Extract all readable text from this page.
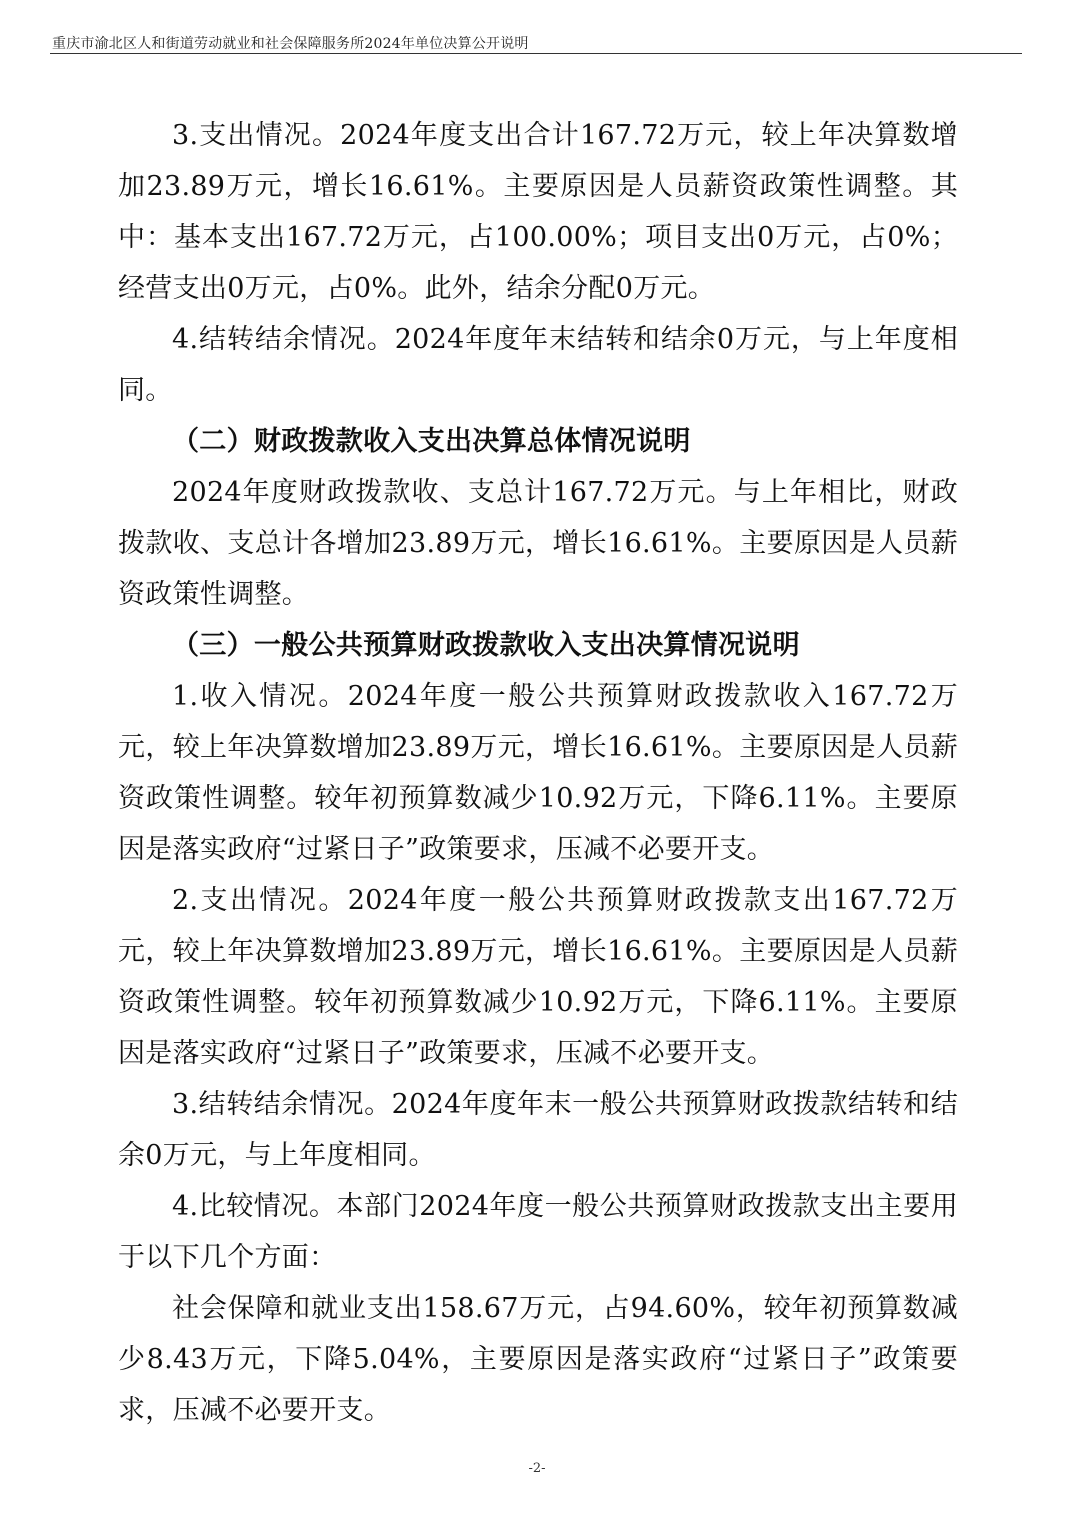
重庆市渝北区人和街道劳动就业和社会保障服务所2024年单位决算公开说明

3.支出情况。2024年度支出合计167.72万元，较上年决算数增加23.89万元，增长16.61%。主要原因是人员薪资政策性调整。其中：基本支出167.72万元，占100.00%；项目支出0万元，占0%；经营支出0万元，占0%。此外，结余分配0万元。

4.结转结余情况。2024年度年末结转和结余0万元，与上年度相同。

（二）财政拨款收入支出决算总体情况说明

2024年度财政拨款收、支总计167.72万元。与上年相比，财政拨款收、支总计各增加23.89万元，增长16.61%。主要原因是人员薪资政策性调整。

（三）一般公共预算财政拨款收入支出决算情况说明

1.收入情况。2024年度一般公共预算财政拨款收入167.72万元，较上年决算数增加23.89万元，增长16.61%。主要原因是人员薪资政策性调整。较年初预算数减少10.92万元，下降6.11%。主要原因是落实政府“过紧日子”政策要求，压减不必要开支。

2.支出情况。2024年度一般公共预算财政拨款支出167.72万元，较上年决算数增加23.89万元，增长16.61%。主要原因是人员薪资政策性调整。较年初预算数减少10.92万元，下降6.11%。主要原因是落实政府“过紧日子”政策要求，压减不必要开支。

3.结转结余情况。2024年度年末一般公共预算财政拨款结转和结余0万元，与上年度相同。

4.比较情况。本部门2024年度一般公共预算财政拨款支出主要用于以下几个方面：

社会保障和就业支出158.67万元，占94.60%，较年初预算数减少8.43万元，下降5.04%，主要原因是落实政府“过紧日子”政策要求，压减不必要开支。

-2-
